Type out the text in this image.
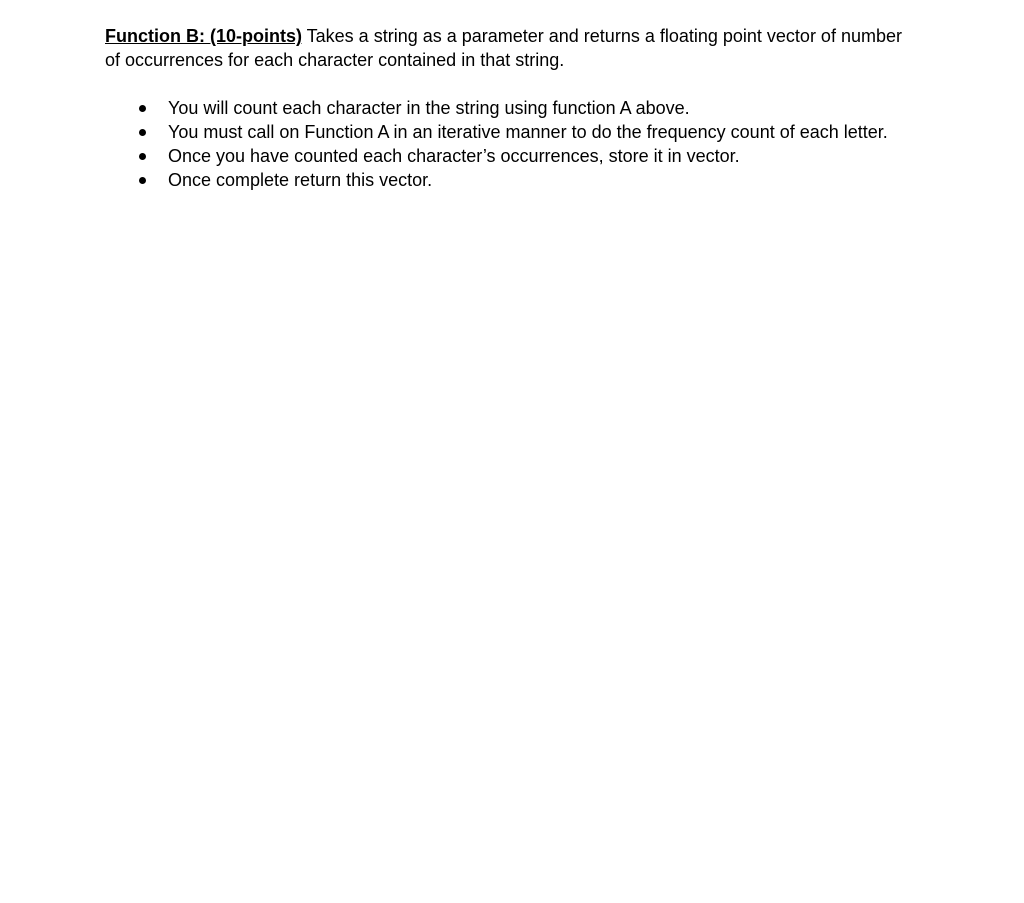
Function B: (10-points) Takes a string as a parameter and returns a floating point vector of number of occurrences for each character contained in that string.

You will count each character in the string using function A above.
You must call on Function A in an iterative manner to do the frequency count of each letter.
Once you have counted each character’s occurrences, store it in vector.
Once complete return this vector.
